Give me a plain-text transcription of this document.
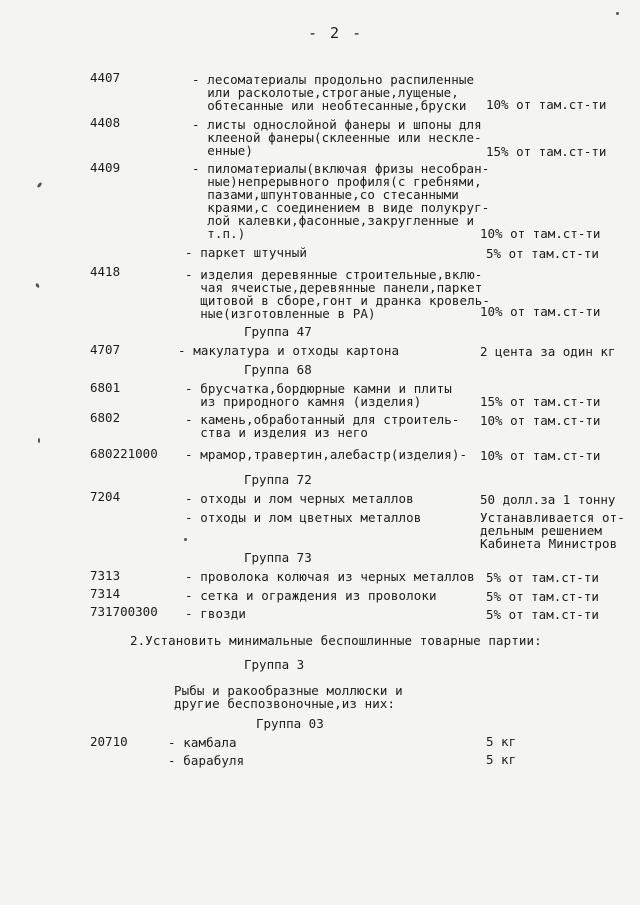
- 2 -
4407	- лесоматериалы продольно распиленные
или расколотые,строганые,лущеные,
обтесанные или необтесанные,бруски	10% от там.ст-ти
4408	- листы однослойной фанеры и шпоны для
клееной фанеры(склеенные или нескле-
енные)	15% от там.ст-ти
4409	- пиломатериалы(включая фризы несобран-
ные)непрерывного профиля(с гребнями,
пазами,шпунтованные,со стесанными
краями,с соединением в виде полукруг-
лой калевки,фасонные,закругленные и
т.п.)	10% от там.ст-ти
- паркет штучный	5% от там.ст-ти
4418	- изделия деревянные строительные,вклю-
чая ячеистые,деревянные панели,паркет
щитовой в сборе,гонт и дранка кровель-
ные(изготовленные в РА)	10% от там.ст-ти
Группа 47
4707	- макулатура и отходы картона	2 цента за один кг
Группа 68
6801	- брусчатка,бордюрные камни и плиты
из природного камня (изделия)	15% от там.ст-ти
6802	- камень,обработанный для строитель-
ства и изделия из него
10% от там.ст-ти
680221000 - мрамор,травертин,алебастр(изделия)- 10% от там.ст-ти
Группа 72
7204	- отходы и лом черных металлов	50 долл.за 1 тонну
- отходы и лом цветных металлов	Устанавливается от-
дельным решением
Кабинета Министров
Группа 73
7313	- проволока колючая из черных металлов 5% от там.ст-ти
7314	- сетка и ограждения из проволоки	5% от там.ст-ти
731700300 - гвозди	5% от там.ст-ти
2.Установить минимальные беспошлинные товарные партии:
Группа 3
Рыбы и ракообразные моллюски и
другие беспозвоночные,из них:
Группа 03
20710	- камбала	5 кг
- барабуля	5 кг
